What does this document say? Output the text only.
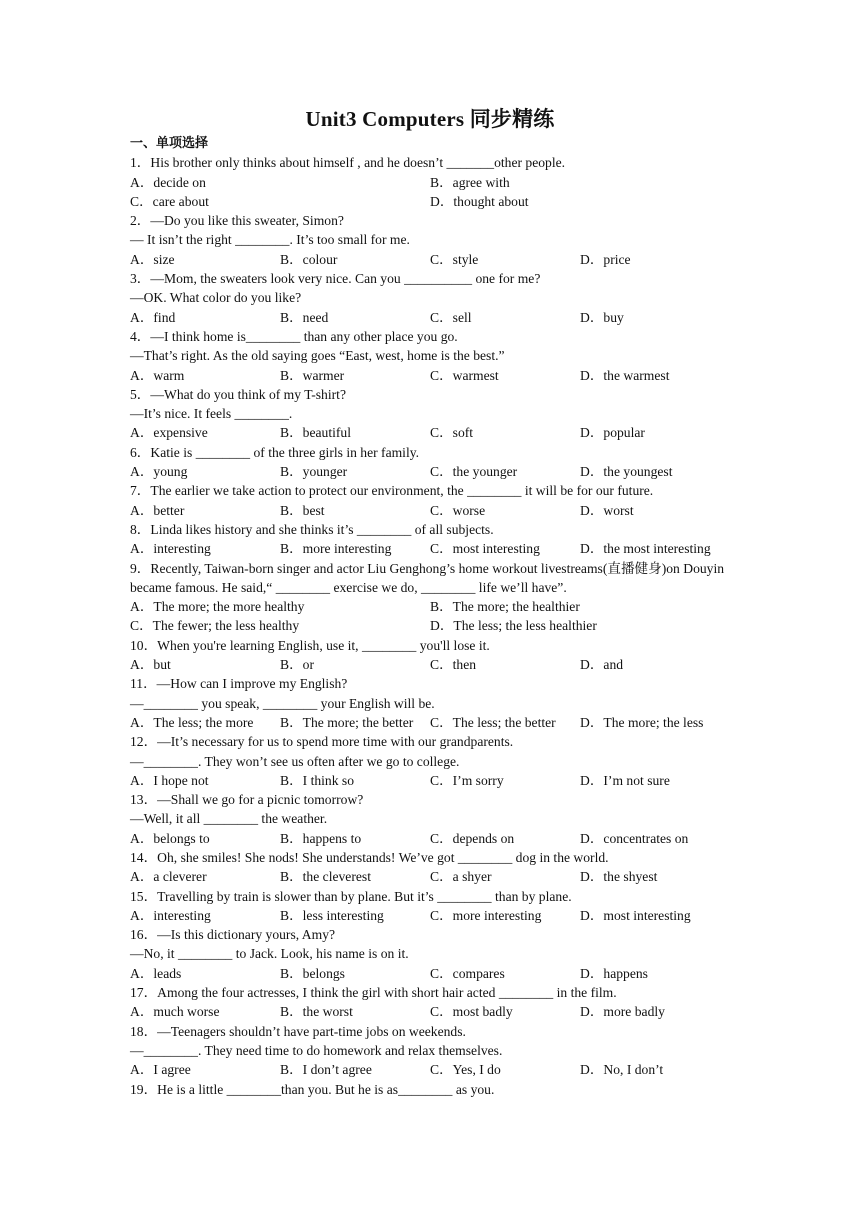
Unit3 Computers 同步精练
一、单项选择
1．His brother only thinks about himself , and he doesn’t _______other people.
A．decide on	B．agree with
C．care about	D．thought about
2．—Do you like this sweater, Simon?
— It isn’t the right ________. It’s too small for me.
A．size	B．colour	C．style	D．price
3．—Mom, the sweaters look very nice. Can you __________ one for me?
—OK. What color do you like?
A．find	B．need	C．sell	D．buy
4．—I think home is________ than any other place you go.
—That’s right. As the old saying goes “East, west, home is the best.”
A．warm	B．warmer	C．warmest	D．the warmest
5．—What do you think of my T-shirt?
—It’s nice. It feels ________.
A．expensive	B．beautiful	C．soft	D．popular
6．Katie is ________ of the three girls in her family.
A．young	B．younger	C．the younger	D．the youngest
7．The earlier we take action to protect our environment, the ________ it will be for our future.
A．better	B．best	C．worse	D．worst
8．Linda likes history and she thinks it’s ________ of all subjects.
A．interesting	B．more interesting	C．most interesting	D．the most interesting
9．Recently, Taiwan-born singer and actor Liu Genghong’s home workout livestreams(直播健身)on Douyin became famous. He said,“ ________ exercise we do, ________ life we’ll have”.
A．The more; the more healthy	B．The more; the healthier
C．The fewer; the less healthy	D．The less; the less healthier
10．When you're learning English, use it, ________ you'll lose it.
A．but	B．or	C．then	D．and
11．—How can I improve my English?
—________ you speak, ________ your English will be.
A．The less; the more B．The more; the better C．The less; the better D．The more; the less
12．—It’s necessary for us to spend more time with our grandparents.
—________. They won’t see us often after we go to college.
A．I hope not	B．I think so	C．I’m sorry	D．I’m not sure
13．—Shall we go for a picnic tomorrow?
—Well, it all ________ the weather.
A．belongs to	B．happens to	C．depends on	D．concentrates on
14．Oh, she smiles! She nods! She understands! We’ve got ________ dog in the world.
A．a cleverer	B．the cleverest	C．a shyer	D．the shyest
15．Travelling by train is slower than by plane. But it’s ________ than by plane.
A．interesting	B．less interesting	C．more interesting	D．most interesting
16．—Is this dictionary yours, Amy?
—No, it ________ to Jack. Look, his name is on it.
A．leads	B．belongs	C．compares	D．happens
17．Among the four actresses, I think the girl with short hair acted ________ in the film.
A．much worse	B．the worst	C．most badly	D．more badly
18．—Teenagers shouldn’t have part-time jobs on weekends.
—________. They need time to do homework and relax themselves.
A．I agree	B．I don’t agree	C．Yes, I do	D．No, I don’t
19．He is a little ________than you. But he is as________ as you.
